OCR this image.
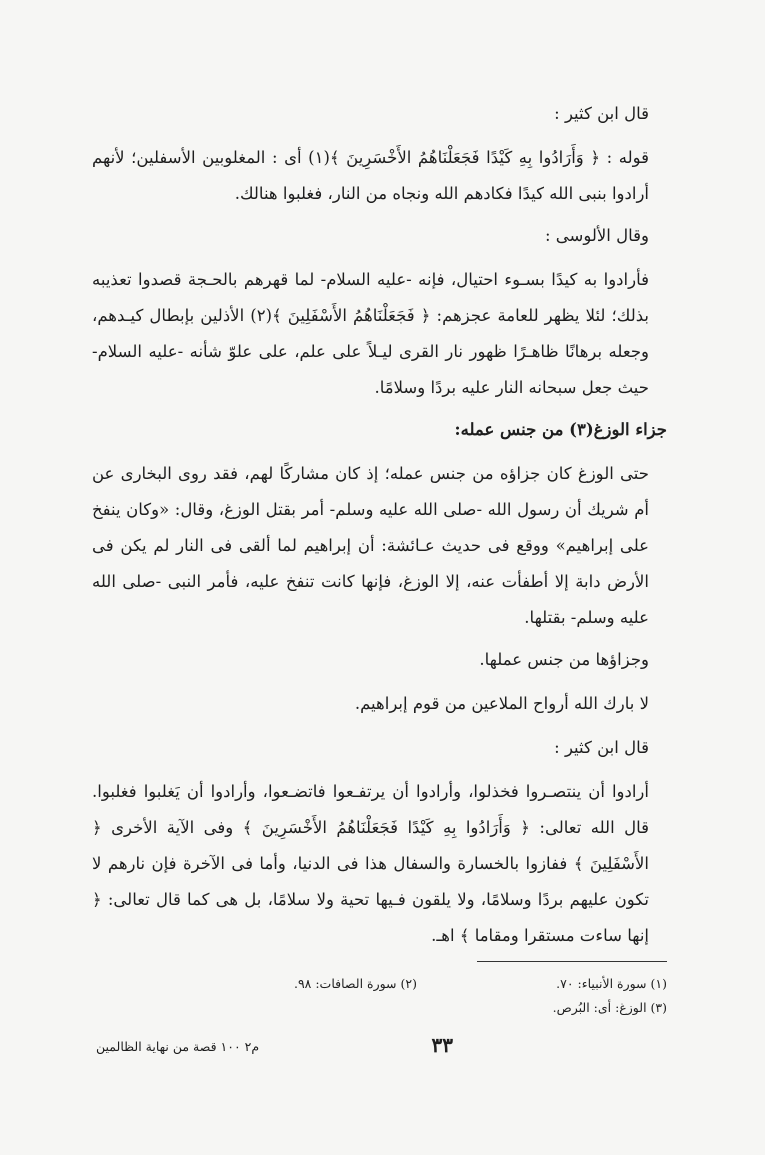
قال ابن كثير :
قوله : ﴿ وَأَرَادُوا بِهِ كَيْدًا فَجَعَلْنَاهُمُ الأَخْسَرِينَ ﴾(١) أى : المغلوبين الأسفلين؛ لأنهم أرادوا بنبى الله كيدًا فكادهم الله ونجاه من النار، فغلبوا هنالك.
وقال الألوسى :
فأرادوا به كيدًا بسـوء احتيال، فإنه -عليه السلام- لما قهرهم بالحـجة قصدوا تعذيبه بذلك؛ لئلا يظهر للعامة عجزهم: ﴿ فَجَعَلْنَاهُمُ الأَسْفَلِينَ ﴾(٢) الأذلين بإبطال كيـدهم، وجعله برهانًا ظاهـرًا ظهور نار القرى ليـلاً على علم، على علوّ شأنه -عليه السلام- حيث جعل سبحانه النار عليه بردًا وسلامًا.
جزاء الوزغ(٣) من جنس عمله:
حتى الوزغ كان جزاؤه من جنس عمله؛ إذ كان مشاركًا لهم، فقد روى البخارى عن أم شريك أن رسول الله -صلى الله عليه وسلم- أمر بقتل الوزغ، وقال: «وكان ينفخ على إبراهيم» ووقع فى حديث عـائشة: أن إبراهيم لما ألقى فى النار لم يكن فى الأرض دابة إلا أطفأت عنه، إلا الوزغ، فإنها كانت تنفخ عليه، فأمر النبى -صلى الله عليه وسلم- بقتلها.
وجزاؤها من جنس عملها.
لا بارك الله أرواح الملاعين من قوم إبراهيم.
قال ابن كثير :
أرادوا أن ينتصـروا فخذلوا، وأرادوا أن يرتفـعوا فاتضـعوا، وأرادوا أن يَغلبوا فغلبوا. قال الله تعالى: ﴿ وَأَرَادُوا بِهِ كَيْدًا فَجَعَلْنَاهُمُ الأَخْسَرِينَ ﴾ وفى الآية الأخرى ﴿ الأَسْفَلِينَ ﴾ ففازوا بالخسارة والسفال هذا فى الدنيا، وأما فى الآخرة فإن نارهم لا تكون عليهم بردًا وسلامًا، ولا يلقون فـيها تحية ولا سلامًا، بل هى كما قال تعالى: ﴿ إنها ساءت مستقرا ومقاما ﴾ اهـ.
(١) سورة الأنبياء: ٧٠.
(٢) سورة الصافات: ٩٨.
(٣) الوزغ: أى: البُرص.
٣٣
م٢ ١٠٠ قصة من نهاية الظالمين
